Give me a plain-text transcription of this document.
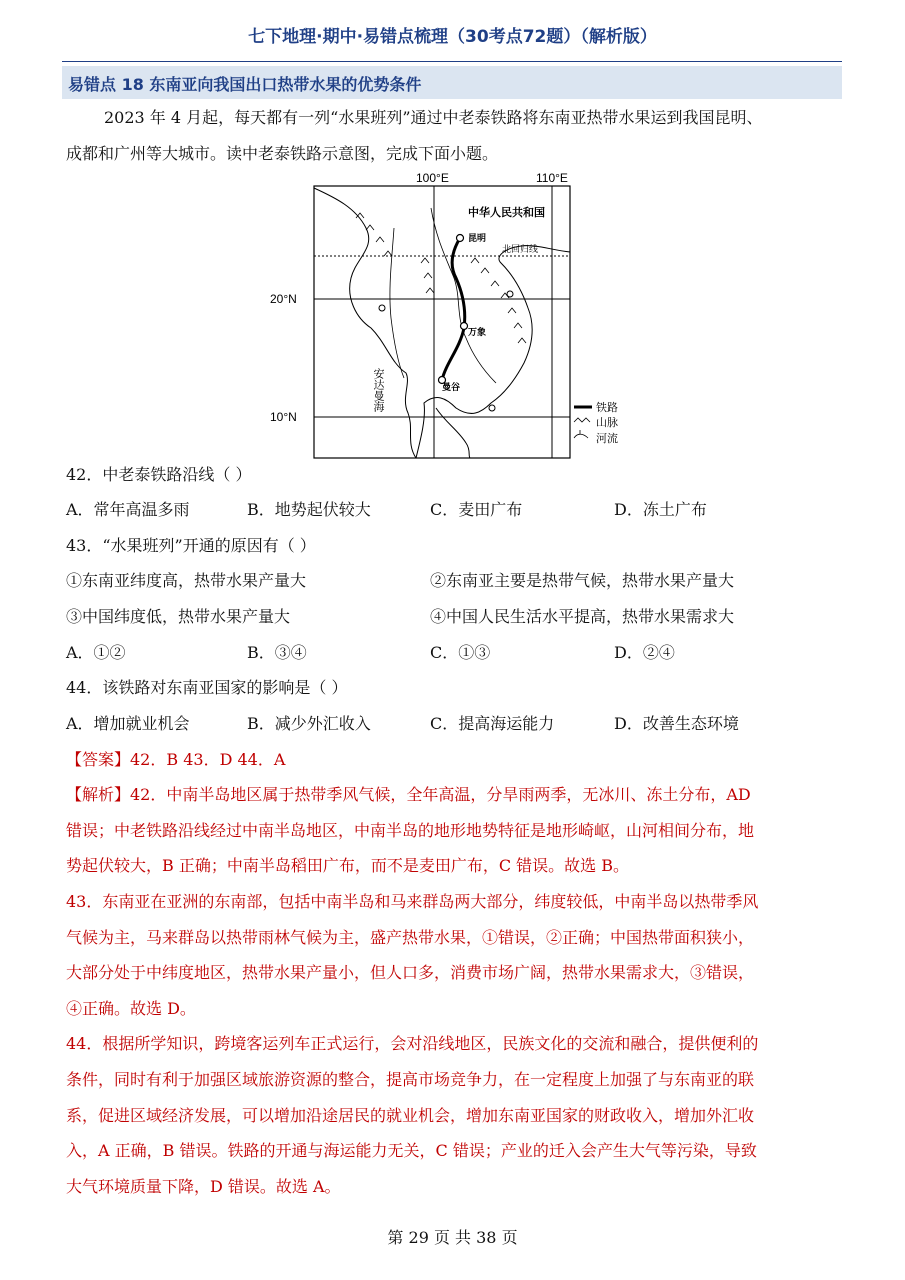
七下地理·期中·易错点梳理（30考点72题）（解析版）
易错点 18 东南亚向我国出口热带水果的优势条件
2023 年 4 月起，每天都有一列“水果班列”通过中老泰铁路将东南亚热带水果运到我国昆明、
成都和广州等大城市。读中老泰铁路示意图，完成下面小题。
100°E	110°E
20°N
10°N
中华人民共和国
昆明
万象
曼谷
北回归线
安达曼海	铁路
山脉
河流
42．中老泰铁路沿线（ ）
A．常年高温多雨	B．地势起伏较大	C．麦田广布	D．冻土广布
43．“水果班列”开通的原因有（ ）
①东南亚纬度高，热带水果产量大	②东南亚主要是热带气候，热带水果产量大
③中国纬度低，热带水果产量大	④中国人民生活水平提高，热带水果需求大
A．①②	B．③④	C．①③	D．②④
44．该铁路对东南亚国家的影响是（ ）
A．增加就业机会	B．减少外汇收入	C．提高海运能力	D．改善生态环境
【答案】42．B 43．D 44．A
【解析】42．中南半岛地区属于热带季风气候，全年高温，分旱雨两季，无冰川、冻土分布，AD
错误；中老铁路沿线经过中南半岛地区，中南半岛的地形地势特征是地形崎岖，山河相间分布，地
势起伏较大，B 正确；中南半岛稻田广布，而不是麦田广布，C 错误。故选 B。
43．东南亚在亚洲的东南部，包括中南半岛和马来群岛两大部分，纬度较低，中南半岛以热带季风
气候为主，马来群岛以热带雨林气候为主，盛产热带水果，①错误，②正确；中国热带面积狭小，
大部分处于中纬度地区，热带水果产量小，但人口多，消费市场广阔，热带水果需求大，③错误，
④正确。故选 D。
44．根据所学知识，跨境客运列车正式运行，会对沿线地区，民族文化的交流和融合，提供便利的
条件，同时有利于加强区域旅游资源的整合，提高市场竞争力，在一定程度上加强了与东南亚的联
系，促进区域经济发展，可以增加沿途居民的就业机会，增加东南亚国家的财政收入，增加外汇收
入，A 正确，B 错误。铁路的开通与海运能力无关，C 错误；产业的迁入会产生大气等污染，导致
大气环境质量下降，D 错误。故选 A。
第 29 页 共 38 页
